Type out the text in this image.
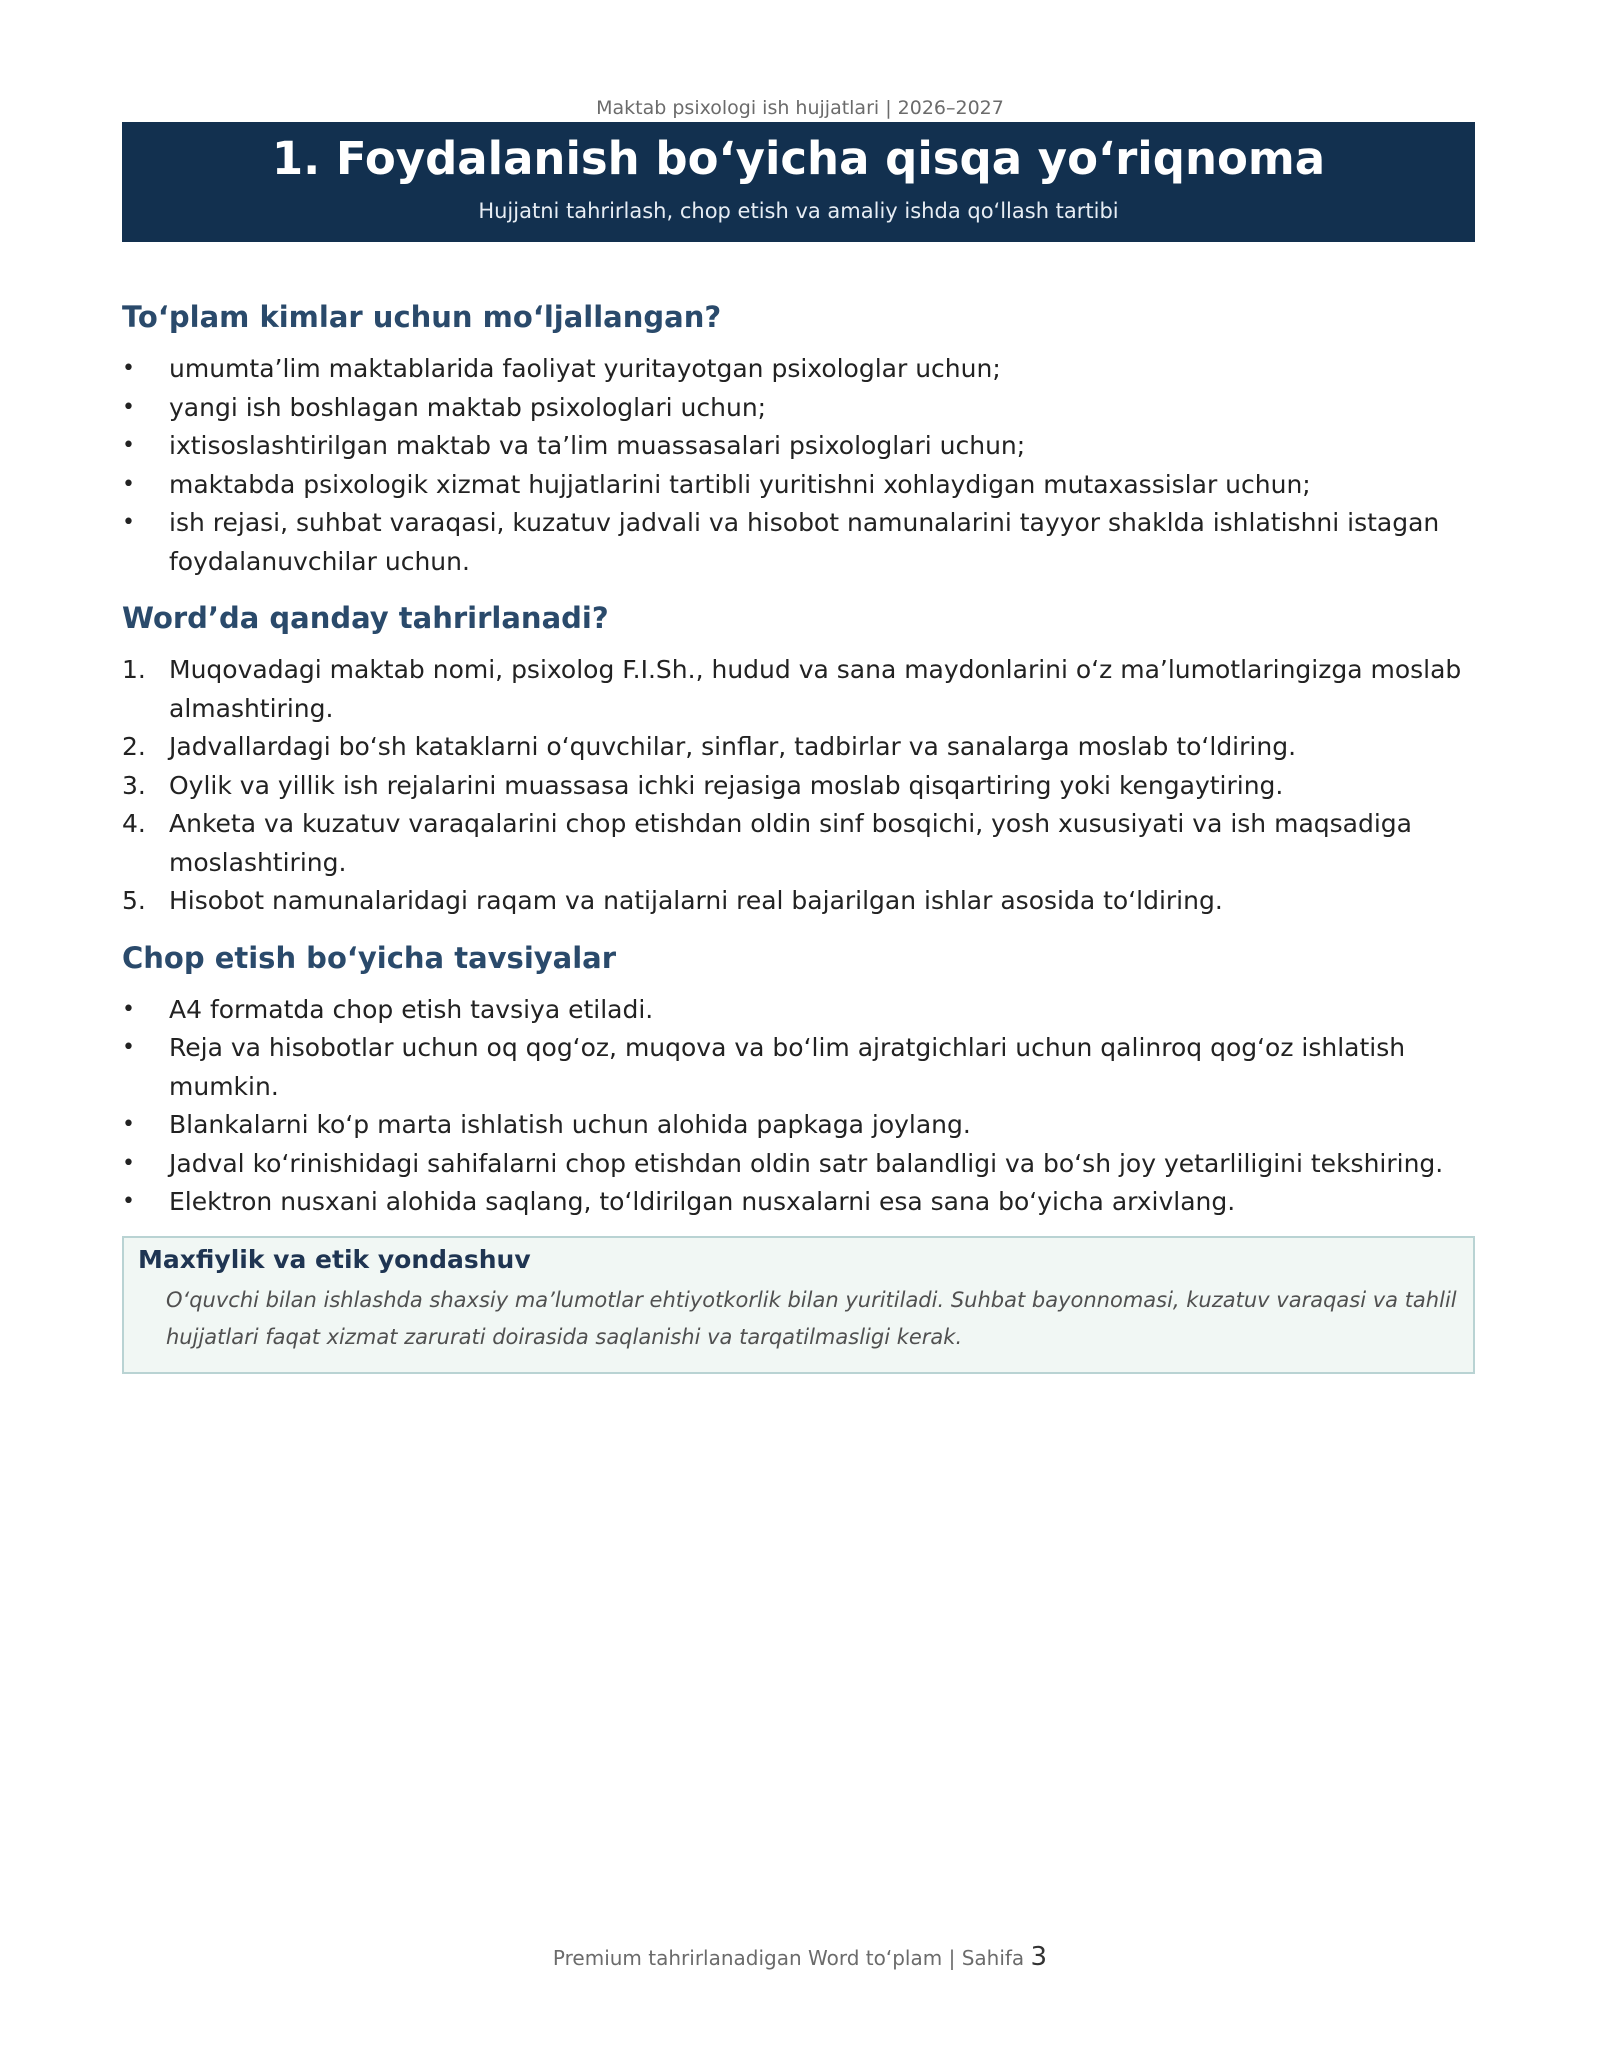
Maktab psixologi ish hujjatlari | 2026–2027
1. Foydalanish bo‘yicha qisqa yo‘riqnoma
Hujjatni tahrirlash, chop etish va amaliy ishda qo‘llash tartibi
To‘plam kimlar uchun mo‘ljallangan?
•	umumta’lim maktablarida faoliyat yuritayotgan psixologlar uchun;
•	yangi ish boshlagan maktab psixologlari uchun;
•	ixtisoslashtirilgan maktab va ta’lim muassasalari psixologlari uchun;
•	maktabda psixologik xizmat hujjatlarini tartibli yuritishni xohlaydigan mutaxassislar uchun;
•	ish rejasi, suhbat varaqasi, kuzatuv jadvali va hisobot namunalarini tayyor shaklda ishlatishni istagan foydalanuvchilar uchun.
Word’da qanday tahrirlanadi?
1. Muqovadagi maktab nomi, psixolog F.I.Sh., hudud va sana maydonlarini o‘z ma’lumotlaringizga moslab almashtiring.
2. Jadvallardagi bo‘sh kataklarni o‘quvchilar, sinflar, tadbirlar va sanalarga moslab to‘ldiring.
3. Oylik va yillik ish rejalarini muassasa ichki rejasiga moslab qisqartiring yoki kengaytiring.
4. Anketa va kuzatuv varaqalarini chop etishdan oldin sinf bosqichi, yosh xususiyati va ish maqsadiga moslashtiring.
5. Hisobot namunalaridagi raqam va natijalarni real bajarilgan ishlar asosida to‘ldiring.
Chop etish bo‘yicha tavsiyalar
•	A4 formatda chop etish tavsiya etiladi.
•	Reja va hisobotlar uchun oq qog‘oz, muqova va bo‘lim ajratgichlari uchun qalinroq qog‘oz ishlatish mumkin.
•	Blankalarni ko‘p marta ishlatish uchun alohida papkaga joylang.
•	Jadval ko‘rinishidagi sahifalarni chop etishdan oldin satr balandligi va bo‘sh joy yetarliligini tekshiring.
•	Elektron nusxani alohida saqlang, to‘ldirilgan nusxalarni esa sana bo‘yicha arxivlang.
Maxfiylik va etik yondashuv

O‘quvchi bilan ishlashda shaxsiy ma’lumotlar ehtiyotkorlik bilan yuritiladi. Suhbat bayonnomasi, kuzatuv varaqasi va tahlil hujjatlari faqat xizmat zarurati doirasida saqlanishi va tarqatilmasligi kerak.

Premium tahrirlanadigan Word to‘plam | Sahifa 3
